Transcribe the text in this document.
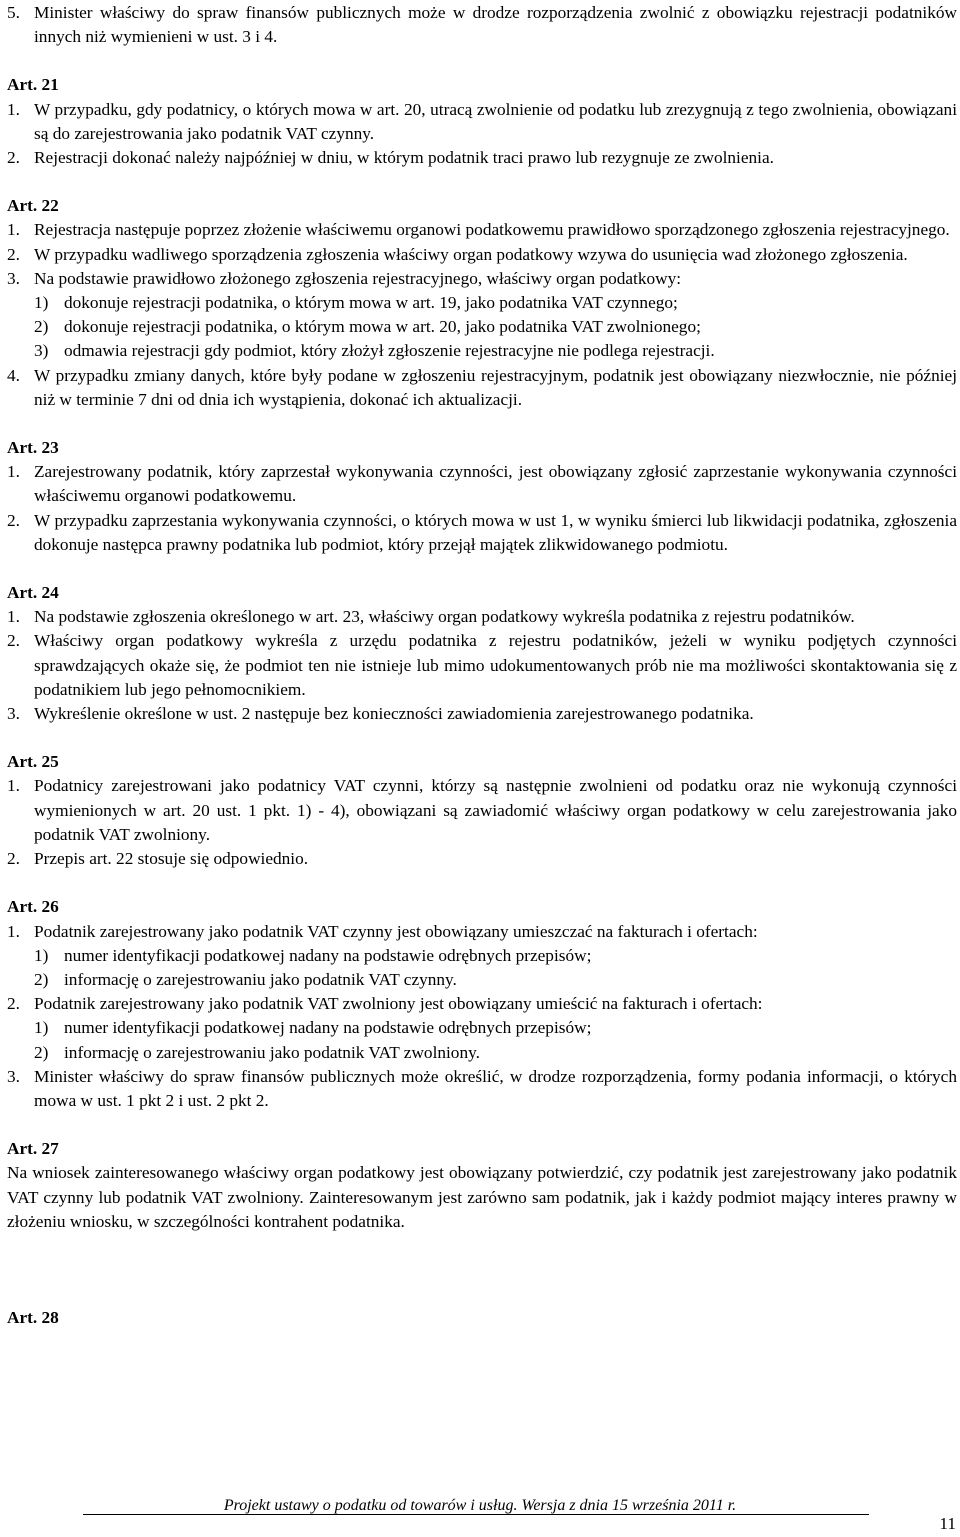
5. Minister właściwy do spraw finansów publicznych może w drodze rozporządzenia zwolnić z obowiązku rejestracji podatników innych niż wymienieni w ust. 3 i 4.

Art. 21

1. W przypadku, gdy podatnicy, o których mowa w art. 20, utracą zwolnienie od podatku lub zrezygnują z tego zwolnienia, obowiązani są do zarejestrowania jako podatnik VAT czynny.

2. Rejestracji dokonać należy najpóźniej w dniu, w którym podatnik traci prawo lub rezygnuje ze zwolnienia.

Art. 22

1. Rejestracja następuje poprzez złożenie właściwemu organowi podatkowemu prawidłowo sporządzonego zgłoszenia rejestracyjnego.

2. W przypadku wadliwego sporządzenia zgłoszenia właściwy organ podatkowy wzywa do usunięcia wad złożonego zgłoszenia.

3. Na podstawie prawidłowo złożonego zgłoszenia rejestracyjnego, właściwy organ podatkowy:

1) dokonuje rejestracji podatnika, o którym mowa w art. 19, jako podatnika VAT czynnego;

2) dokonuje rejestracji podatnika, o którym mowa w art. 20, jako podatnika VAT zwolnionego;

3) odmawia rejestracji gdy podmiot, który złożył zgłoszenie rejestracyjne nie podlega rejestracji.

4. W przypadku zmiany danych, które były podane w zgłoszeniu rejestracyjnym, podatnik jest obowiązany niezwłocznie, nie później niż w terminie 7 dni od dnia ich wystąpienia, dokonać ich aktualizacji.

Art. 23

1. Zarejestrowany podatnik, który zaprzestał wykonywania czynności, jest obowiązany zgłosić zaprzestanie wykonywania czynności właściwemu organowi podatkowemu.

2. W przypadku zaprzestania wykonywania czynności, o których mowa w ust 1, w wyniku śmierci lub likwidacji podatnika, zgłoszenia dokonuje następca prawny podatnika lub podmiot, który przejął majątek zlikwidowanego podmiotu.

Art. 24

1. Na podstawie zgłoszenia określonego w art. 23, właściwy organ podatkowy wykreśla podatnika z rejestru podatników.

2. Właściwy organ podatkowy wykreśla z urzędu podatnika z rejestru podatników, jeżeli w wyniku podjętych czynności sprawdzających okaże się, że podmiot ten nie istnieje lub mimo udokumentowanych prób nie ma możliwości skontaktowania się z podatnikiem lub jego pełnomocnikiem.

3. Wykreślenie określone w ust. 2 następuje bez konieczności zawiadomienia zarejestrowanego podatnika.

Art. 25

1. Podatnicy zarejestrowani jako podatnicy VAT czynni, którzy są następnie zwolnieni od podatku oraz nie wykonują czynności wymienionych w art. 20 ust. 1 pkt. 1) - 4), obowiązani są zawiadomić właściwy organ podatkowy w celu zarejestrowania jako podatnik VAT zwolniony.

2. Przepis art. 22 stosuje się odpowiednio.

Art. 26

1. Podatnik zarejestrowany jako podatnik VAT czynny jest obowiązany umieszczać na fakturach i ofertach:

1) numer identyfikacji podatkowej nadany na podstawie odrębnych przepisów;

2) informację o zarejestrowaniu jako podatnik VAT czynny.

2. Podatnik zarejestrowany jako podatnik VAT zwolniony jest obowiązany umieścić na fakturach i ofertach:

1) numer identyfikacji podatkowej nadany na podstawie odrębnych przepisów;

2) informację o zarejestrowaniu jako podatnik VAT zwolniony.

3. Minister właściwy do spraw finansów publicznych może określić, w drodze rozporządzenia, formy podania informacji, o których mowa w ust. 1 pkt 2 i ust. 2 pkt 2.

Art. 27

Na wniosek zainteresowanego właściwy organ podatkowy jest obowiązany potwierdzić, czy podatnik jest zarejestrowany jako podatnik VAT czynny lub podatnik VAT zwolniony. Zainteresowanym jest zarówno sam podatnik, jak i każdy podmiot mający interes prawny w złożeniu wniosku, w szczególności kontrahent podatnika.

Art. 28

Projekt ustawy o podatku od towarów i usług. Wersja z dnia 15 września 2011 r.
11
